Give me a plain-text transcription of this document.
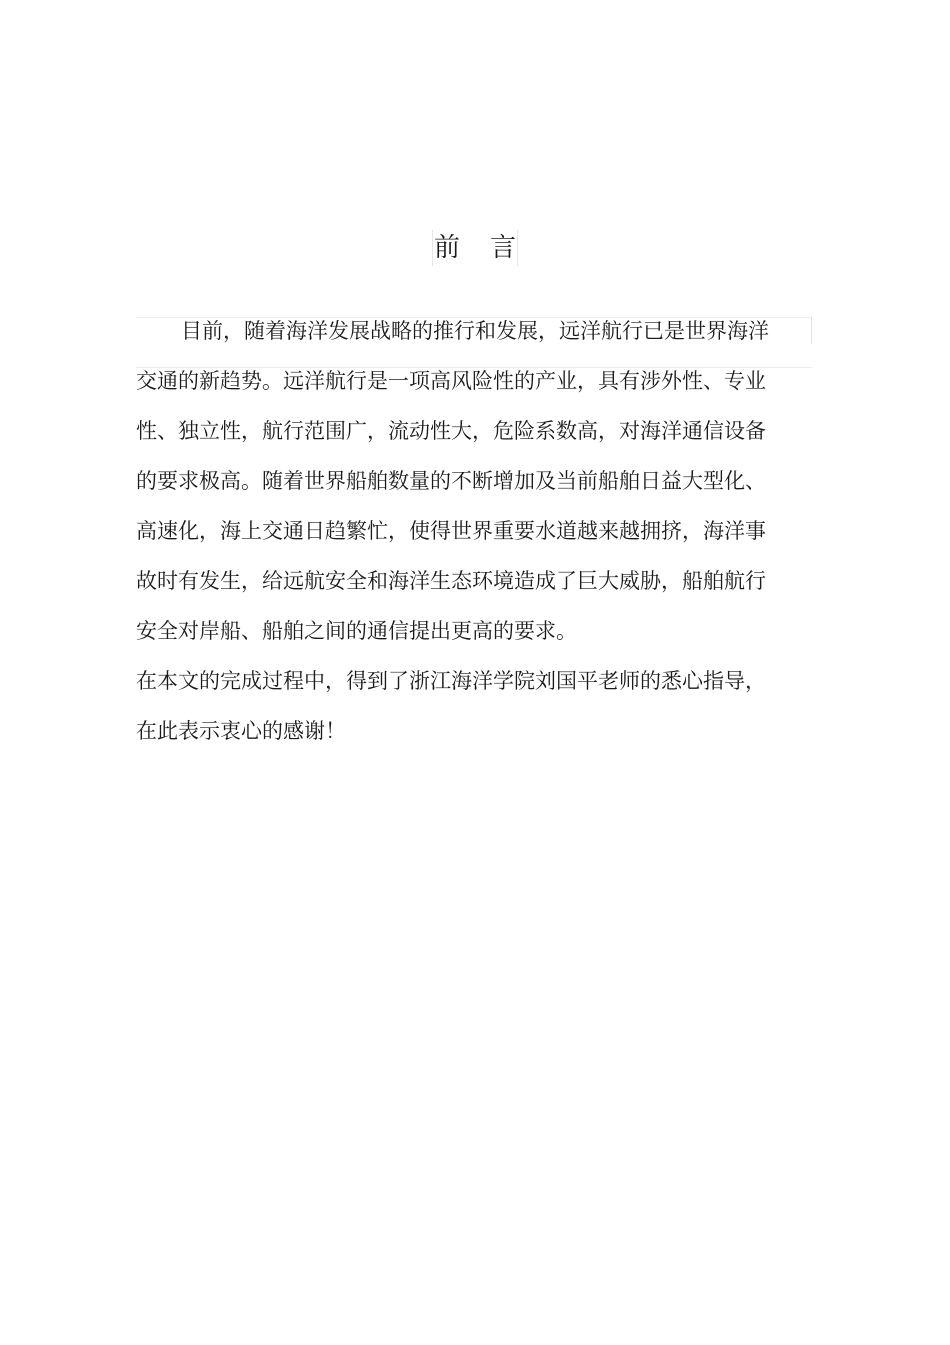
前 言
目前，随着海洋发展战略的推行和发展，远洋航行已是世界海洋
交通的新趋势。远洋航行是一项高风险性的产业，具有涉外性、专业
性、独立性，航行范围广，流动性大，危险系数高，对海洋通信设备
的要求极高。随着世界船舶数量的不断增加及当前船舶日益大型化、
高速化，海上交通日趋繁忙，使得世界重要水道越来越拥挤，海洋事
故时有发生，给远航安全和海洋生态环境造成了巨大威胁，船舶航行
安全对岸船、船舶之间的通信提出更高的要求。
在本文的完成过程中，得到了浙江海洋学院刘国平老师的悉心指导，
在此表示衷心的感谢！
